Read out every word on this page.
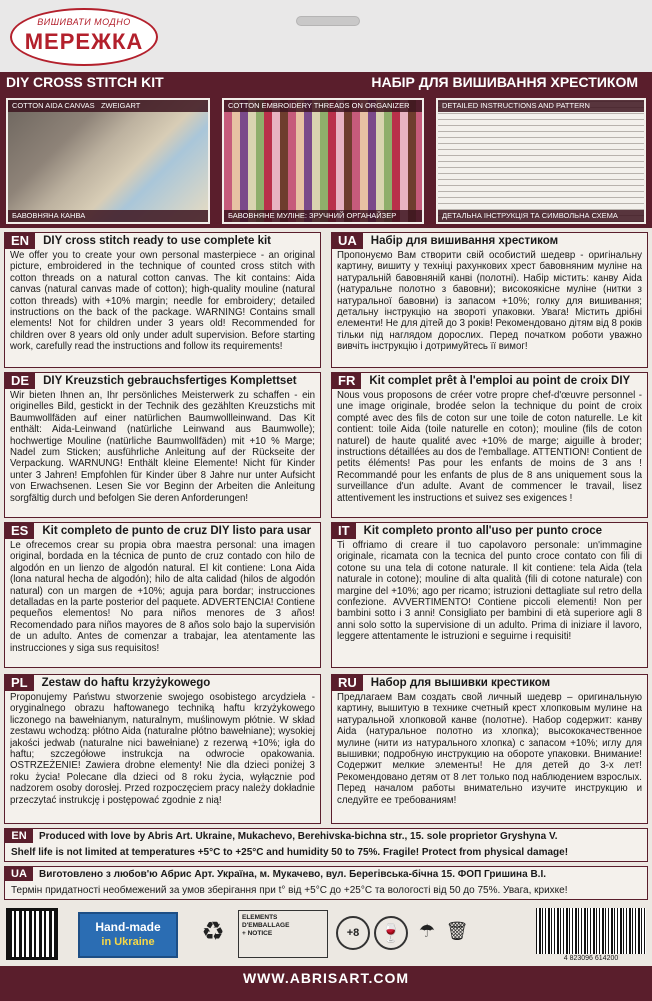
ВИШИВАТИ МОДНО
МЕРЕЖКА
DIY CROSS STITCH KIT	НАБІР ДЛЯ ВИШИВАННЯ ХРЕСТИКОМ
COTTON AIDA CANVAS ZWEIGART
БАВОВНЯНА КАНВА
COTTON EMBROIDERY THREADS ON ORGANIZER
БАВОВНЯНЕ МУЛІНЕ: ЗРУЧНИЙ ОРГАНАЙЗЕР
DETAILED INSTRUCTIONS AND PATTERN
ДЕТАЛЬНА ІНСТРУКЦІЯ ТА СИМВОЛЬНА СХЕМА
EN	DIY cross stitch ready to use complete kit
We offer you to create your own personal masterpiece - an original picture, embroidered in the technique of counted cross stitch with cotton threads on a natural cotton canvas. The kit contains: Aida canvas (natural canvas made of cotton); high-quality mouline (natural cotton threads) with +10% margin; needle for embroidery; detailed instructions on the back of the package. WARNING! Contains small elements! Not for children under 3 years old! Recommended for children over 8 years old only under adult supervision. Before starting work, carefully read the instructions and follow its requirements!
UA	Набір для вишивання хрестиком
Пропонуємо Вам створити свій особистий шедевр - оригінальну картину, вишиту у техніці рахункових хрест бавовняним муліне на натуральній бавовняній канві (полотні). Набір містить: канву Aida (натуральне полотно з бавовни); високоякісне муліне (нитки з натуральної бавовни) із запасом +10%; голку для вишивання; детальну інструкцію на звороті упаковки. Увага! Містить дрібні елементи! Не для дітей до 3 років! Рекомендовано дітям від 8 років тільки під наглядом дорослих. Перед початком роботи уважно вивчіть інструкцію і дотримуйтесь її вимог!
DE	DIY Kreuzstich gebrauchsfertiges Komplettset
Wir bieten Ihnen an, Ihr persönliches Meisterwerk zu schaffen - ein originelles Bild, gestickt in der Technik des gezählten Kreuzstichs mit Baumwollfäden auf einer natürlichen Baumwollleinwand. Das Kit enthält: Aida-Leinwand (natürliche Leinwand aus Baumwolle); hochwertige Mouline (natürliche Baumwollfäden) mit +10 % Marge; Nadel zum Sticken; ausführliche Anleitung auf der Rückseite der Verpackung. WARNUNG! Enthält kleine Elemente! Nicht für Kinder unter 3 Jahren! Empfohlen für Kinder über 8 Jahre nur unter Aufsicht von Erwachsenen. Lesen Sie vor Beginn der Arbeiten die Anleitung sorgfältig durch und befolgen Sie deren Anforderungen!
FR	Kit complet prêt à l'emploi au point de croix DIY
Nous vous proposons de créer votre propre chef-d'œuvre personnel - une image originale, brodée selon la technique du point de croix compté avec des fils de coton sur une toile de coton naturelle. Le kit contient: toile Aida (toile naturelle en coton); mouline (fils de coton naturel) de haute qualité avec +10% de marge; aiguille à broder; instructions détaillées au dos de l'emballage. ATTENTION! Contient de petits éléments! Pas pour les enfants de moins de 3 ans ! Recommandé pour les enfants de plus de 8 ans uniquement sous la surveillance d'un adulte. Avant de commencer le travail, lisez attentivement les instructions et suivez ses exigences !
ES	Kit completo de punto de cruz DIY listo para usar
Le ofrecemos crear su propia obra maestra personal: una imagen original, bordada en la técnica de punto de cruz contado con hilo de algodón en un lienzo de algodón natural. El kit contiene: Lona Aida (lona natural hecha de algodón); hilo de alta calidad (hilos de algodón natural) con un margen de +10%; aguja para bordar; instrucciones detalladas en la parte posterior del paquete. ADVERTENCIA! Contiene pequeños elementos! No para niños menores de 3 años! Recomendado para niños mayores de 8 años solo bajo la supervisión de un adulto. Antes de comenzar a trabajar, lea atentamente las instrucciones y siga sus requisitos!
IT	Kit completo pronto all'uso per punto croce
Ti offriamo di creare il tuo capolavoro personale: un'immagine originale, ricamata con la tecnica del punto croce contato con fili di cotone su una tela di cotone naturale. Il kit contiene: tela Aida (tela naturale in cotone); mouline di alta qualità (fili di cotone naturale) con margine del +10%; ago per ricamo; istruzioni dettagliate sul retro della confezione. AVVERTIMENTO! Contiene piccoli elementi! Non per bambini sotto i 3 anni! Consigliato per bambini di età superiore agli 8 anni solo sotto la supervisione di un adulto. Prima di iniziare il lavoro, leggere attentamente le istruzioni e seguirne i requisiti!
PL	Zestaw do haftu krzyżykowego
Proponujemy Państwu stworzenie swojego osobistego arcydzieła - oryginalnego obrazu haftowanego techniką haftu krzyżykowego liczonego na bawełnianym, naturalnym, muślinowym płótnie. W skład zestawu wchodzą: płótno Aida (naturalne płótno bawełniane); wysokiej jakości jedwab (naturalne nici bawełniane) z rezerwą +10%; igła do haftu; szczegółowe instrukcja na odwrocie opakowania. OSTRZEŻENIE! Zawiera drobne elementy! Nie dla dzieci poniżej 3 roku życia! Polecane dla dzieci od 8 roku życia, wyłącznie pod nadzorem osoby dorosłej. Przed rozpoczęciem pracy należy dokładnie przeczytać instrukcję i postępować zgodnie z nią!
RU	Набор для вышивки крестиком
Предлагаем Вам создать свой личный шедевр – оригинальную картину, вышитую в технике счетный крест хлопковым мулине на натуральной хлопковой канве (полотне). Набор содержит: канву Aida (натуральное полотно из хлопка); высококачественное мулине (нити из натурального хлопка) с запасом +10%; иглу для вышивки; подробную инструкцию на обороте упаковки. Внимание! Содержит мелкие элементы! Не для детей до 3-х лет! Рекомендовано детям от 8 лет только под наблюдением взрослых. Перед началом работы внимательно изучите инструкцию и следуйте ее требованиям!
EN	Produced with love by Abris Art. Ukraine, Mukachevo, Berehivska-bichna str., 15. sole proprietor Gryshyna V.
Shelf life is not limited at temperatures +5°C to +25°C and humidity 50 to 75%. Fragile! Protect from physical damage!
UA	Виготовлено з любов'ю Абрис Арт. Україна, м. Мукачево, вул. Берегівська-бічна 15. ФОП Гришина В.І.
Термін придатності необмежений за умов зберігання при t° від +5°C до +25°C та вологості від 50 до 75%. Увага, крихке!
Hand-made
in Ukraine	♻	ELEMENTS
D'EMBALLAGE
+ NOTICE	+8	🍷 ☂ 🗑
4 823096 614200
WWW.ABRISART.COM
